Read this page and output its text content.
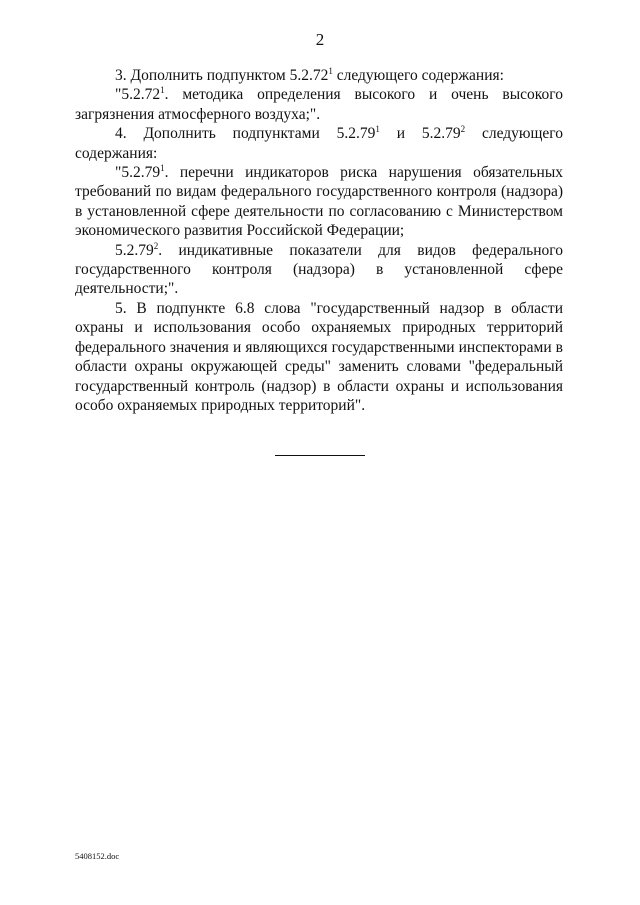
2

3. Дополнить подпунктом 5.2.72$^1$ следующего содержания:

"5.2.72$^1$. методика определения высокого и очень высокого загрязнения атмосферного воздуха;".

4. Дополнить подпунктами 5.2.79$^1$ и 5.2.79$^2$ следующего содержания:

"5.2.79$^1$. перечни индикаторов риска нарушения обязательных требований по видам федерального государственного контроля (надзора) в установленной сфере деятельности по согласованию с Министерством экономического развития Российской Федерации;

5.2.79$^2$. индикативные показатели для видов федерального государственного контроля (надзора) в установленной сфере деятельности;".

5. В подпункте 6.8 слова "государственный надзор в области охраны и использования особо охраняемых природных территорий федерального значения и являющихся государственными инспекторами в области охраны окружающей среды" заменить словами "федеральный государственный контроль (надзор) в области охраны и использования особо охраняемых природных территорий".

5408152.doc
